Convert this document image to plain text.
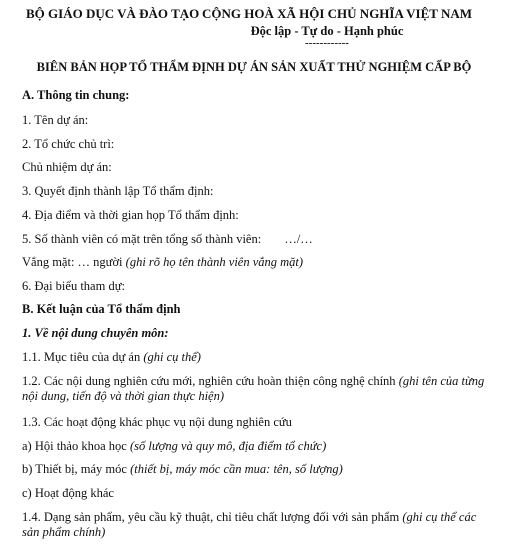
BỘ GIÁO DỤC VÀ ĐÀO TẠO CỘNG HOÀ XÃ HỘI CHỦ NGHĨA VIỆT NAM
Độc lập - Tự do - Hạnh phúc
------------
BIÊN BẢN HỌP TỔ THẨM ĐỊNH DỰ ÁN SẢN XUẤT THỬ NGHIỆM CẤP BỘ
A. Thông tin chung:
1. Tên dự án:
2. Tổ chức chủ trì:
Chủ nhiệm dự án:
3. Quyết định thành lập Tổ thẩm định:
4. Địa điểm và thời gian họp Tổ thẩm định:
5. Số thành viên có mặt trên tổng số thành viên: …/…
Vắng mặt: … người (ghi rõ họ tên thành viên vắng mặt)
6. Đại biểu tham dự:
B. Kết luận của Tổ thẩm định
1. Về nội dung chuyên môn:
1.1. Mục tiêu của dự án (ghi cụ thể)
1.2. Các nội dung nghiên cứu mới, nghiên cứu hoàn thiện công nghệ chính (ghi tên của từng nội dung, tiến độ và thời gian thực hiện)
1.3. Các hoạt động khác phục vụ nội dung nghiên cứu
a) Hội thảo khoa học (số lượng và quy mô, địa điểm tổ chức)
b) Thiết bị, máy móc (thiết bị, máy móc cần mua: tên, số lượng)
c) Hoạt động khác
1.4. Dạng sản phẩm, yêu cầu kỹ thuật, chỉ tiêu chất lượng đối với sản phẩm (ghi cụ thể các sản phẩm chính)
